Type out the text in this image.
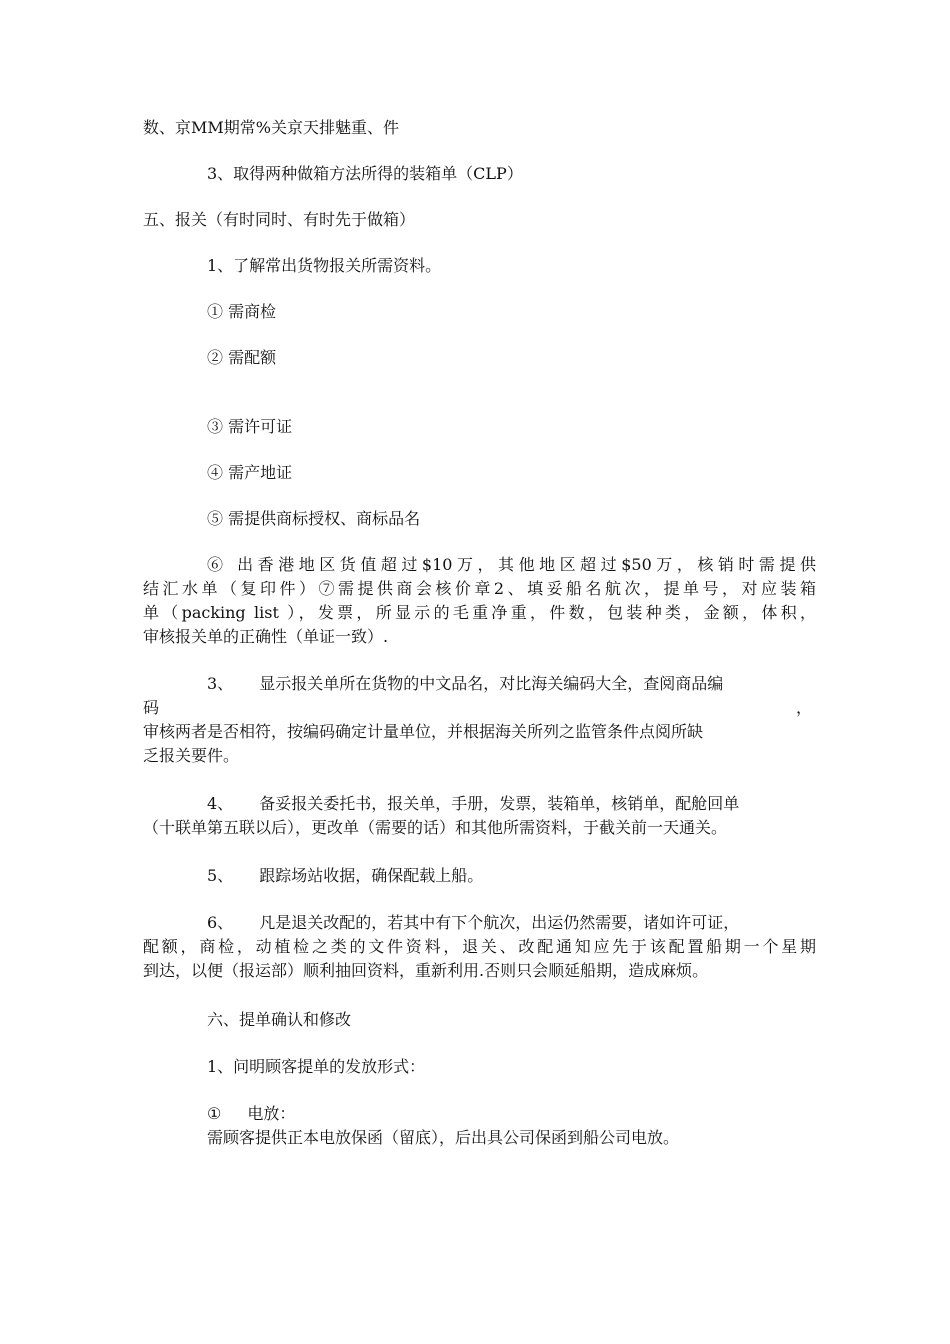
数、京MM期常%关京天排魅重、件
3、取得两种做箱方法所得的装箱单（CLP）
五、报关（有时同时、有时先于做箱）
1、了解常出货物报关所需资料。
① 需商检
② 需配额
③ 需许可证
④ 需产地证
⑤ 需提供商标授权、商标品名
⑥ 出香港地区货值超过$10万，其他地区超过$50万，核销时需提供
结汇水单（复印件）⑦需提供商会核价章2、填妥船名航次，提单号，对应装箱
单（packing list ），发票，所显示的毛重净重，件数，包装种类，金额，体积，
审核报关单的正确性（单证一致）.
3、 显示报关单所在货物的中文品名，对比海关编码大全，查阅商品编
码	，
审核两者是否相符，按编码确定计量单位，并根据海关所列之监管条件点阅所缺
乏报关要件。
4、 备妥报关委托书，报关单，手册，发票，装箱单，核销单，配舱回单
（十联单第五联以后），更改单（需要的话）和其他所需资料，于截关前一天通关。
5、 跟踪场站收据，确保配载上船。
6、 凡是退关改配的，若其中有下个航次，出运仍然需要，诸如许可证，
配额，商检，动植检之类的文件资料，退关、改配通知应先于该配置船期一个星期
到达，以便（报运部）顺利抽回资料，重新利用.否则只会顺延船期，造成麻烦。
六、提单确认和修改
1、问明顾客提单的发放形式：
① 电放：
需顾客提供正本电放保函（留底），后出具公司保函到船公司电放。
